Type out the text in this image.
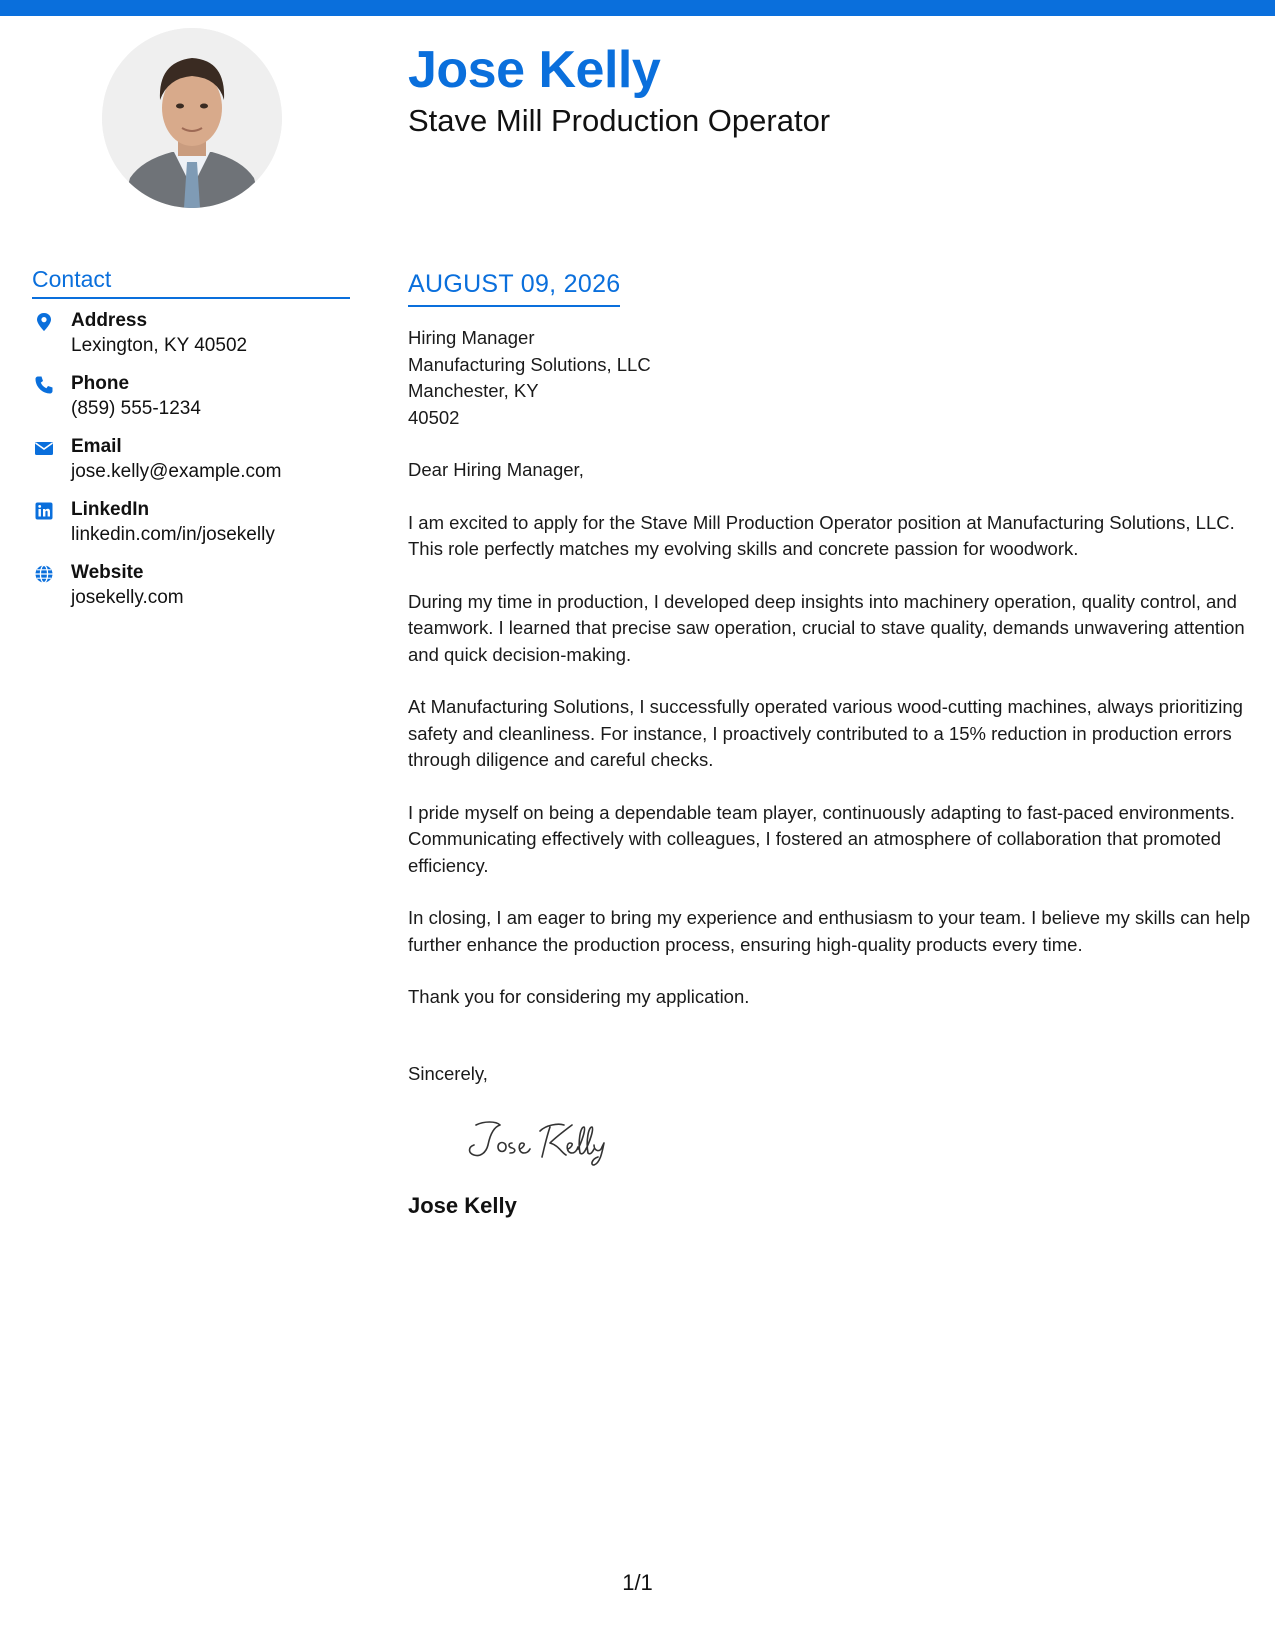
Jose Kelly
Stave Mill Production Operator
Contact
Address
Lexington, KY 40502
Phone
(859) 555-1234
Email
jose.kelly@example.com
LinkedIn
linkedin.com/in/josekelly
Website
josekelly.com
AUGUST 09, 2026
Hiring Manager
Manufacturing Solutions, LLC
Manchester, KY
40502
Dear Hiring Manager,
I am excited to apply for the Stave Mill Production Operator position at Manufacturing Solutions, LLC. This role perfectly matches my evolving skills and concrete passion for woodwork.
During my time in production, I developed deep insights into machinery operation, quality control, and teamwork. I learned that precise saw operation, crucial to stave quality, demands unwavering attention and quick decision-making.
At Manufacturing Solutions, I successfully operated various wood-cutting machines, always prioritizing safety and cleanliness. For instance, I proactively contributed to a 15% reduction in production errors through diligence and careful checks.
I pride myself on being a dependable team player, continuously adapting to fast-paced environments. Communicating effectively with colleagues, I fostered an atmosphere of collaboration that promoted efficiency.
In closing, I am eager to bring my experience and enthusiasm to your team. I believe my skills can help further enhance the production process, ensuring high-quality products every time.
Thank you for considering my application.
Sincerely,
Jose Kelly
1/1
